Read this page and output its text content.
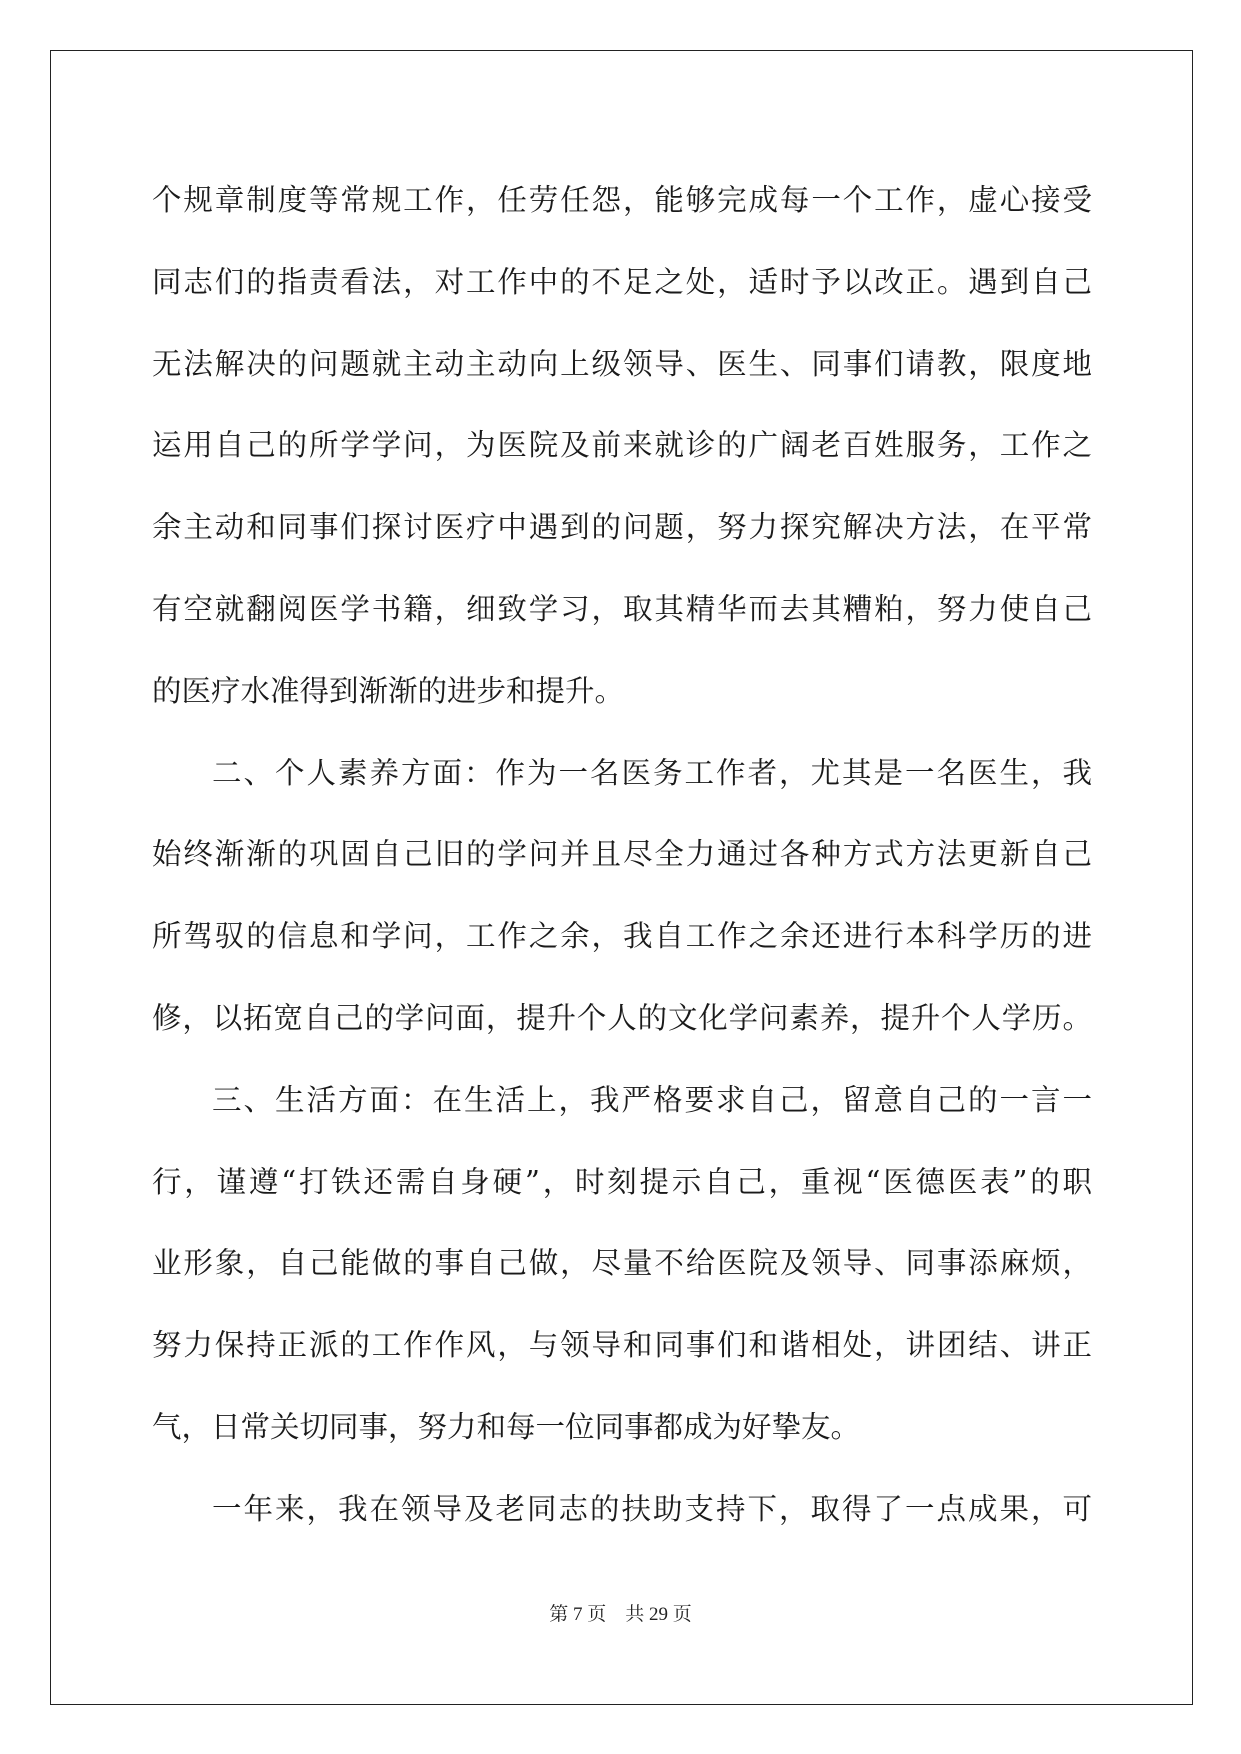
个规章制度等常规工作，任劳任怨，能够完成每一个工作，虚心接受
同志们的指责看法，对工作中的不足之处，适时予以改正。遇到自己
无法解决的问题就主动主动向上级领导、医生、同事们请教，限度地
运用自己的所学学问，为医院及前来就诊的广阔老百姓服务，工作之
余主动和同事们探讨医疗中遇到的问题，努力探究解决方法，在平常
有空就翻阅医学书籍，细致学习，取其精华而去其糟粕，努力使自己
的医疗水准得到渐渐的进步和提升。
二、个人素养方面：作为一名医务工作者，尤其是一名医生，我
始终渐渐的巩固自己旧的学问并且尽全力通过各种方式方法更新自己
所驾驭的信息和学问，工作之余，我自工作之余还进行本科学历的进
修，以拓宽自己的学问面，提升个人的文化学问素养，提升个人学历。
三、生活方面：在生活上，我严格要求自己，留意自己的一言一
行，谨遵“打铁还需自身硬”，时刻提示自己，重视“医德医表”的职
业形象，自己能做的事自己做，尽量不给医院及领导、同事添麻烦，
努力保持正派的工作作风，与领导和同事们和谐相处，讲团结、讲正
气，日常关切同事，努力和每一位同事都成为好挚友。
一年来，我在领导及老同志的扶助支持下，取得了一点成果，可
第 7 页　共 29 页
